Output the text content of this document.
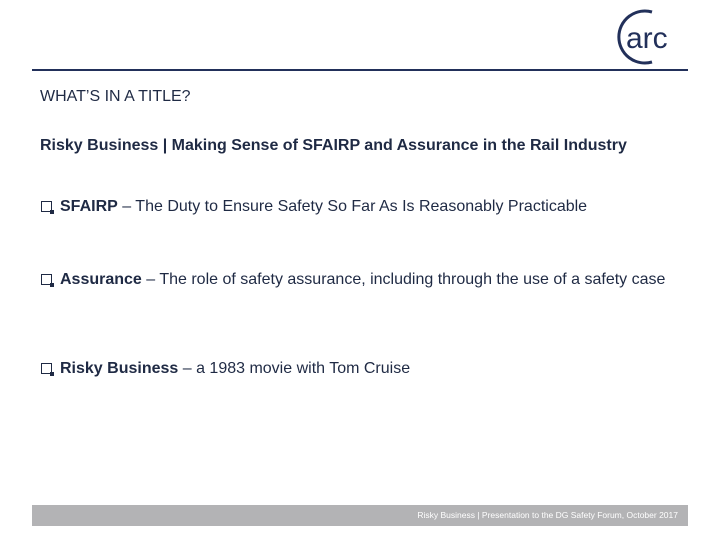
arc
WHAT’S IN A TITLE?
Risky Business | Making Sense of SFAIRP and Assurance in the Rail Industry
SFAIRP – The Duty to Ensure Safety So Far As Is Reasonably Practicable
Assurance – The role of safety assurance, including through the use of a safety case
Risky Business – a 1983 movie with Tom Cruise
Risky Business | Presentation to the DG Safety Forum, October 2017
